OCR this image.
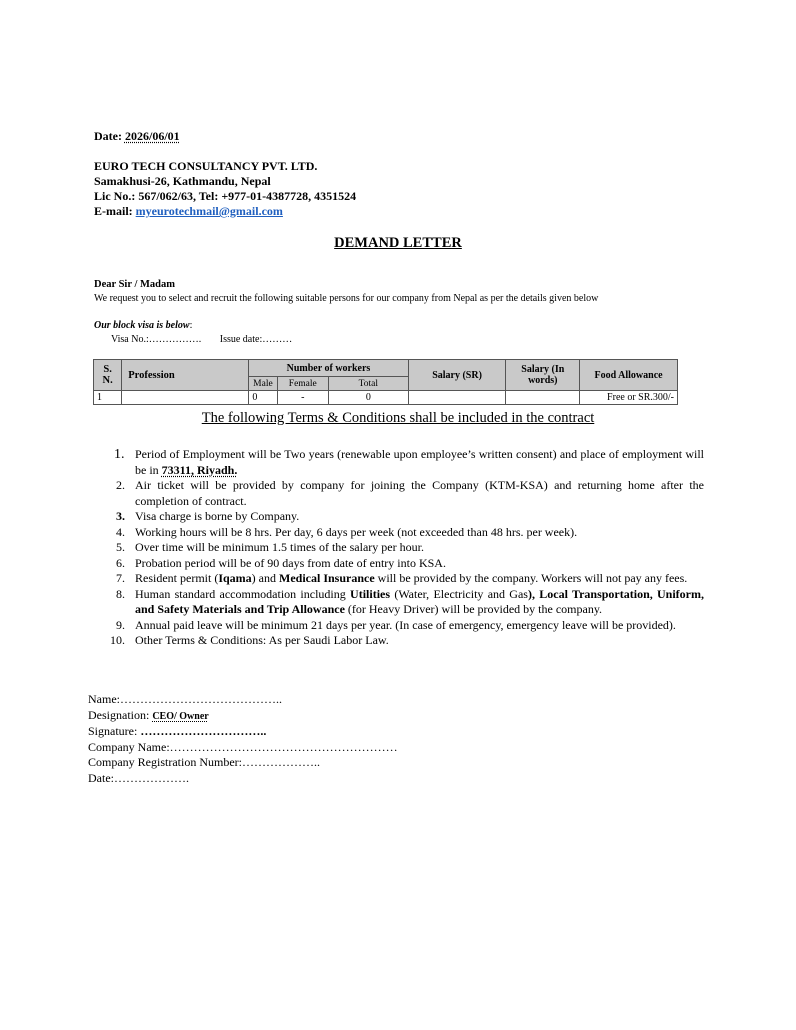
Date: 2026/06/01
EURO TECH CONSULTANCY PVT. LTD.
Samakhusi-26, Kathmandu, Nepal
Lic No.: 567/062/63, Tel: +977-01-4387728, 4351524
E-mail: myeurotechmail@gmail.com
DEMAND LETTER
Dear Sir / Madam
We request you to select and recruit the following suitable persons for our company from Nepal as per the details given below
Our block visa is below:
Visa No.:……………. Issue date:………
S. N.	Profession	Number of workers			Salary (SR)	Salary (In words)	Food Allowance
		Male	Female	Total			
1		0	-	0			Free or SR.300/-
The following Terms & Conditions shall be included in the contract
1. Period of Employment will be Two years (renewable upon employee’s written consent) and place of employment will be in 73311, Riyadh.
2. Air ticket will be provided by company for joining the Company (KTM-KSA) and returning home after the completion of contract.
3. Visa charge is borne by Company.
4. Working hours will be 8 hrs. Per day, 6 days per week (not exceeded than 48 hrs. per week).
5. Over time will be minimum 1.5 times of the salary per hour.
6. Probation period will be of 90 days from date of entry into KSA.
7. Resident permit (Iqama) and Medical Insurance will be provided by the company. Workers will not pay any fees.
8. Human standard accommodation including Utilities (Water, Electricity and Gas), Local Transportation, Uniform, and Safety Materials and Trip Allowance (for Heavy Driver) will be provided by the company.
9. Annual paid leave will be minimum 21 days per year. (In case of emergency, emergency leave will be provided).
10. Other Terms & Conditions: As per Saudi Labor Law.
Name:…………………………………..
Designation: CEO/ Owner
Signature: …………………………..
Company Name:…………………………………………………
Company Registration Number:………………..
Date:……………….
